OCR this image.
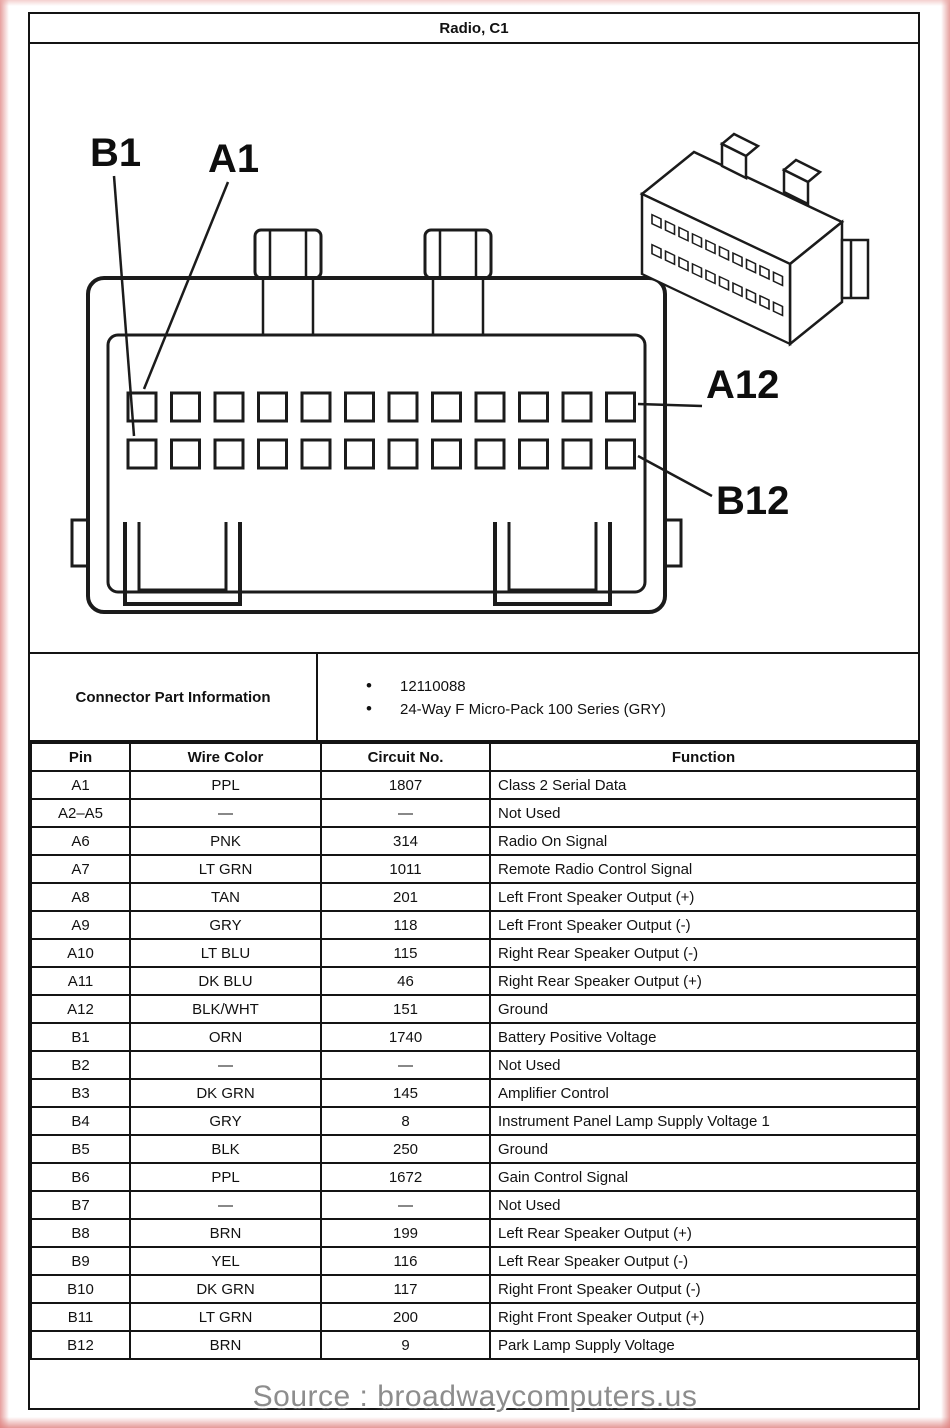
Radio, C1
B1 A1
A12
B12
Connector Part Information
• 12110088
• 24-Way F Micro-Pack 100 Series (GRY)
Pin	Wire Color	Circuit No.	Function
A1	PPL	1807	Class 2 Serial Data
A2–A5	—	—	Not Used
A6	PNK	314	Radio On Signal
A7	LT GRN	1011	Remote Radio Control Signal
A8	TAN	201	Left Front Speaker Output (+)
A9	GRY	118	Left Front Speaker Output (-)
A10	LT BLU	115	Right Rear Speaker Output (-)
A11	DK BLU	46	Right Rear Speaker Output (+)
A12	BLK/WHT	151	Ground
B1	ORN	1740	Battery Positive Voltage
B2	—	—	Not Used
B3	DK GRN	145	Amplifier Control
B4	GRY	8	Instrument Panel Lamp Supply Voltage 1
B5	BLK	250	Ground
B6	PPL	1672	Gain Control Signal
B7	—	—	Not Used
B8	BRN	199	Left Rear Speaker Output (+)
B9	YEL	116	Left Rear Speaker Output (-)
B10	DK GRN	117	Right Front Speaker Output (-)
B11	LT GRN	200	Right Front Speaker Output (+)
B12	BRN	9	Park Lamp Supply Voltage
Source : broadwaycomputers.us
